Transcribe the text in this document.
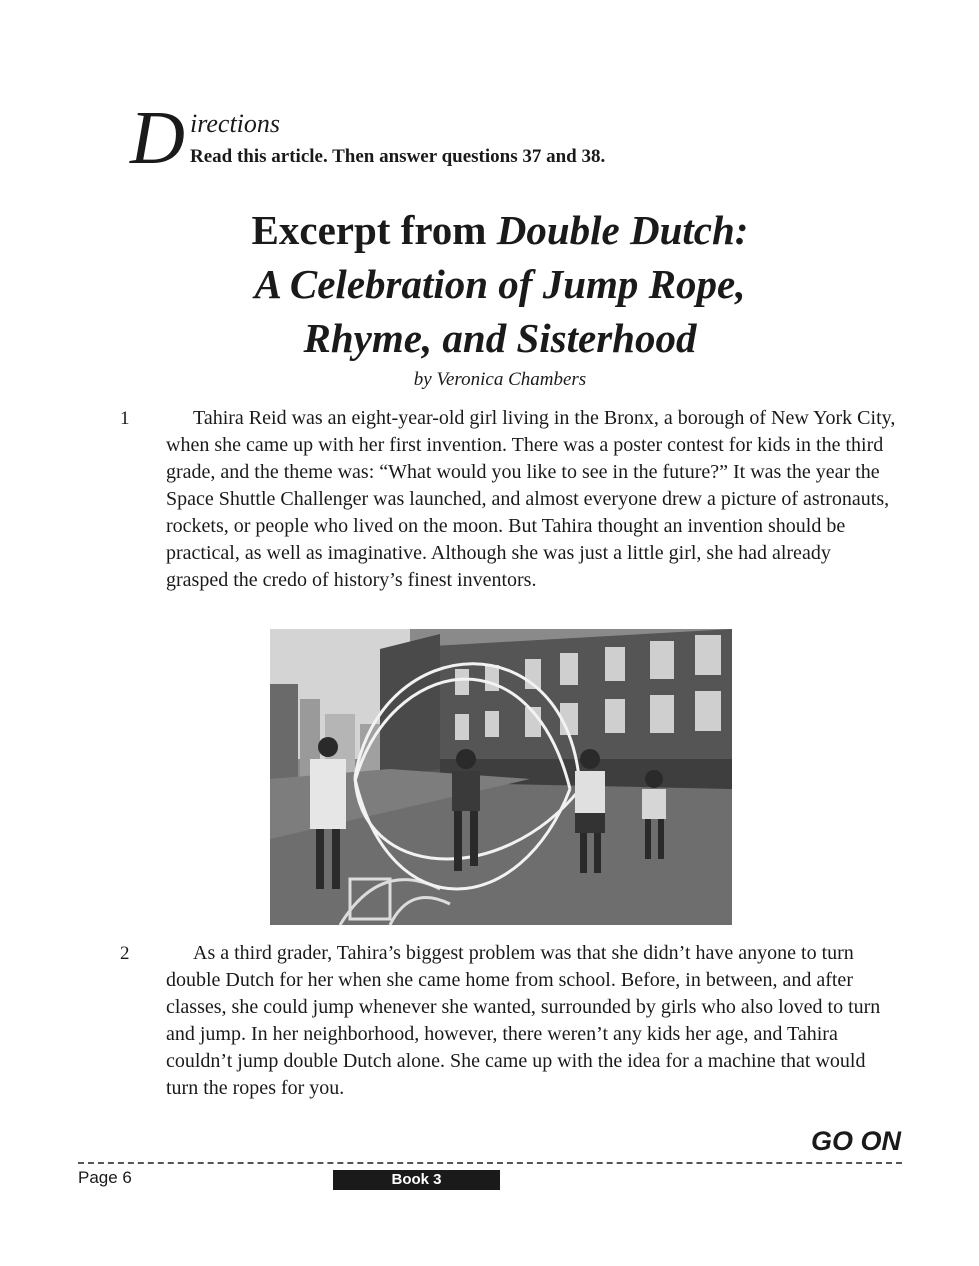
D irections
Read this article. Then answer questions 37 and 38.
Excerpt from Double Dutch:
A Celebration of Jump Rope,
Rhyme, and Sisterhood
by Veronica Chambers
1	Tahira Reid was an eight-year-old girl living in the Bronx, a borough of New York City, when she came up with her first invention. There was a poster contest for kids in the third grade, and the theme was: “What would you like to see in the future?” It was the year the Space Shuttle Challenger was launched, and almost everyone drew a picture of astronauts, rockets, or people who lived on the moon. But Tahira thought an invention should be practical, as well as imaginative. Although she was just a little girl, she had already grasped the credo of history’s finest inventors.
2	As a third grader, Tahira’s biggest problem was that she didn’t have anyone to turn double Dutch for her when she came home from school. Before, in between, and after classes, she could jump whenever she wanted, surrounded by girls who also loved to turn and jump. In her neighborhood, however, there weren’t any kids her age, and Tahira couldn’t jump double Dutch alone. She came up with the idea for a machine that would turn the ropes for you.
GO ON
Page 6	Book 3
